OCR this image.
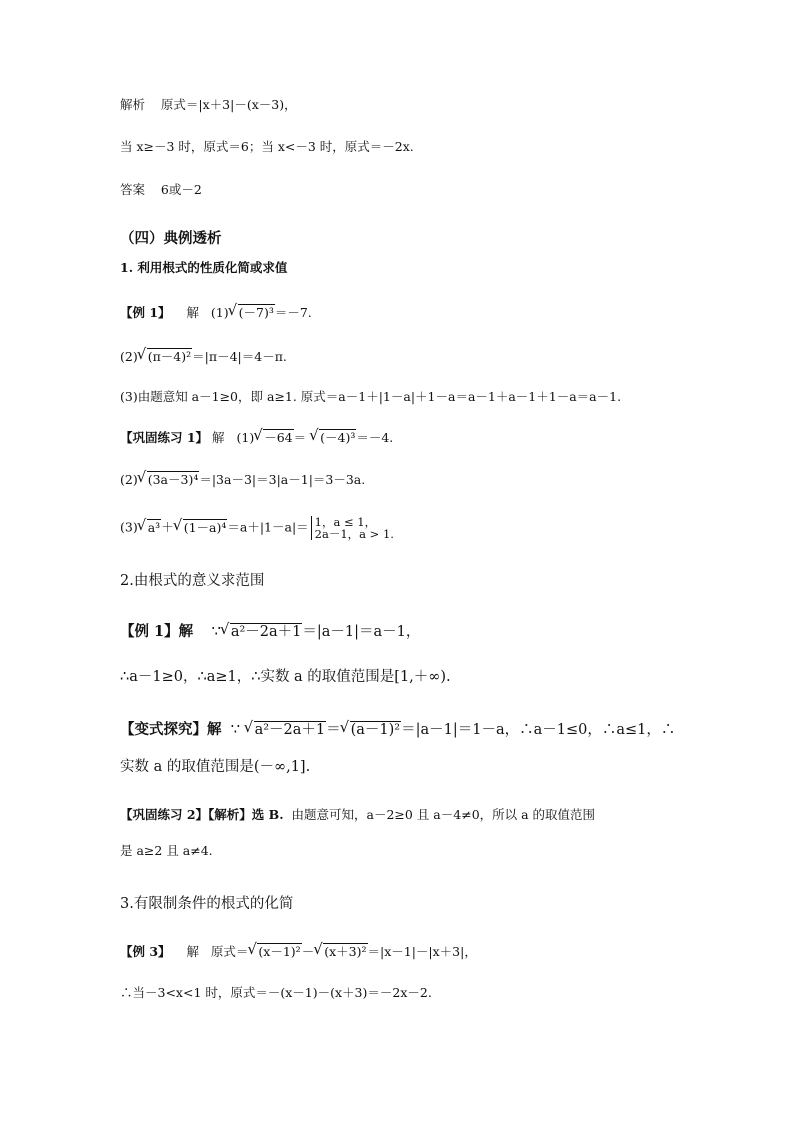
解析 原式＝|x＋3|－(x－3)，
当 x≥－3 时，原式＝6；当 x<－3 时，原式＝－2x.
答案 6或－2
（四）典例透析
1. 利用根式的性质化简或求值
【例 1】 解 (1) √ (－7)³＝－7.
(2) √ (π－4)²＝|π－4|＝4－π.
(3)由题意知 a－1≥0，即 a≥1. 原式＝a－1＋|1－a|＋1－a＝a－1＋a－1＋1－a＝a－1.
【巩固练习 1】 解 (1) √ －64＝ √ (－4)³＝－4.
(2) √ (3a－3)⁴＝|3a－3|＝3|a－1|＝3－3a.
(3) √ a³＋ √ (1－a)⁴＝a＋|1－a|＝ 1，a ≤ 1，
2a－1，a > 1.
2.由根式的意义求范围
【例 1】解 ∵ √ a²－2a＋1＝|a－1|＝a－1，
∴a－1≥0，∴a≥1，∴实数 a 的取值范围是[1,＋∞).
【变式探究】解 ∵ √ a²－2a＋1＝ √ (a－1)²＝|a－1|＝1－a，∴a－1≤0，∴a≤1，∴
实数 a 的取值范围是(－∞,1].
【巩固练习 2】【解析】选 B. 由题意可知，a－2≥0 且 a－4≠0，所以 a 的取值范围
是 a≥2 且 a≠4.
3.有限制条件的根式的化简
【例 3】 解 原式＝ √ (x－1)²－ √ (x＋3)²＝|x－1|－|x＋3|，
∴当－3<x<1 时，原式＝－(x－1)－(x＋3)＝－2x－2.
